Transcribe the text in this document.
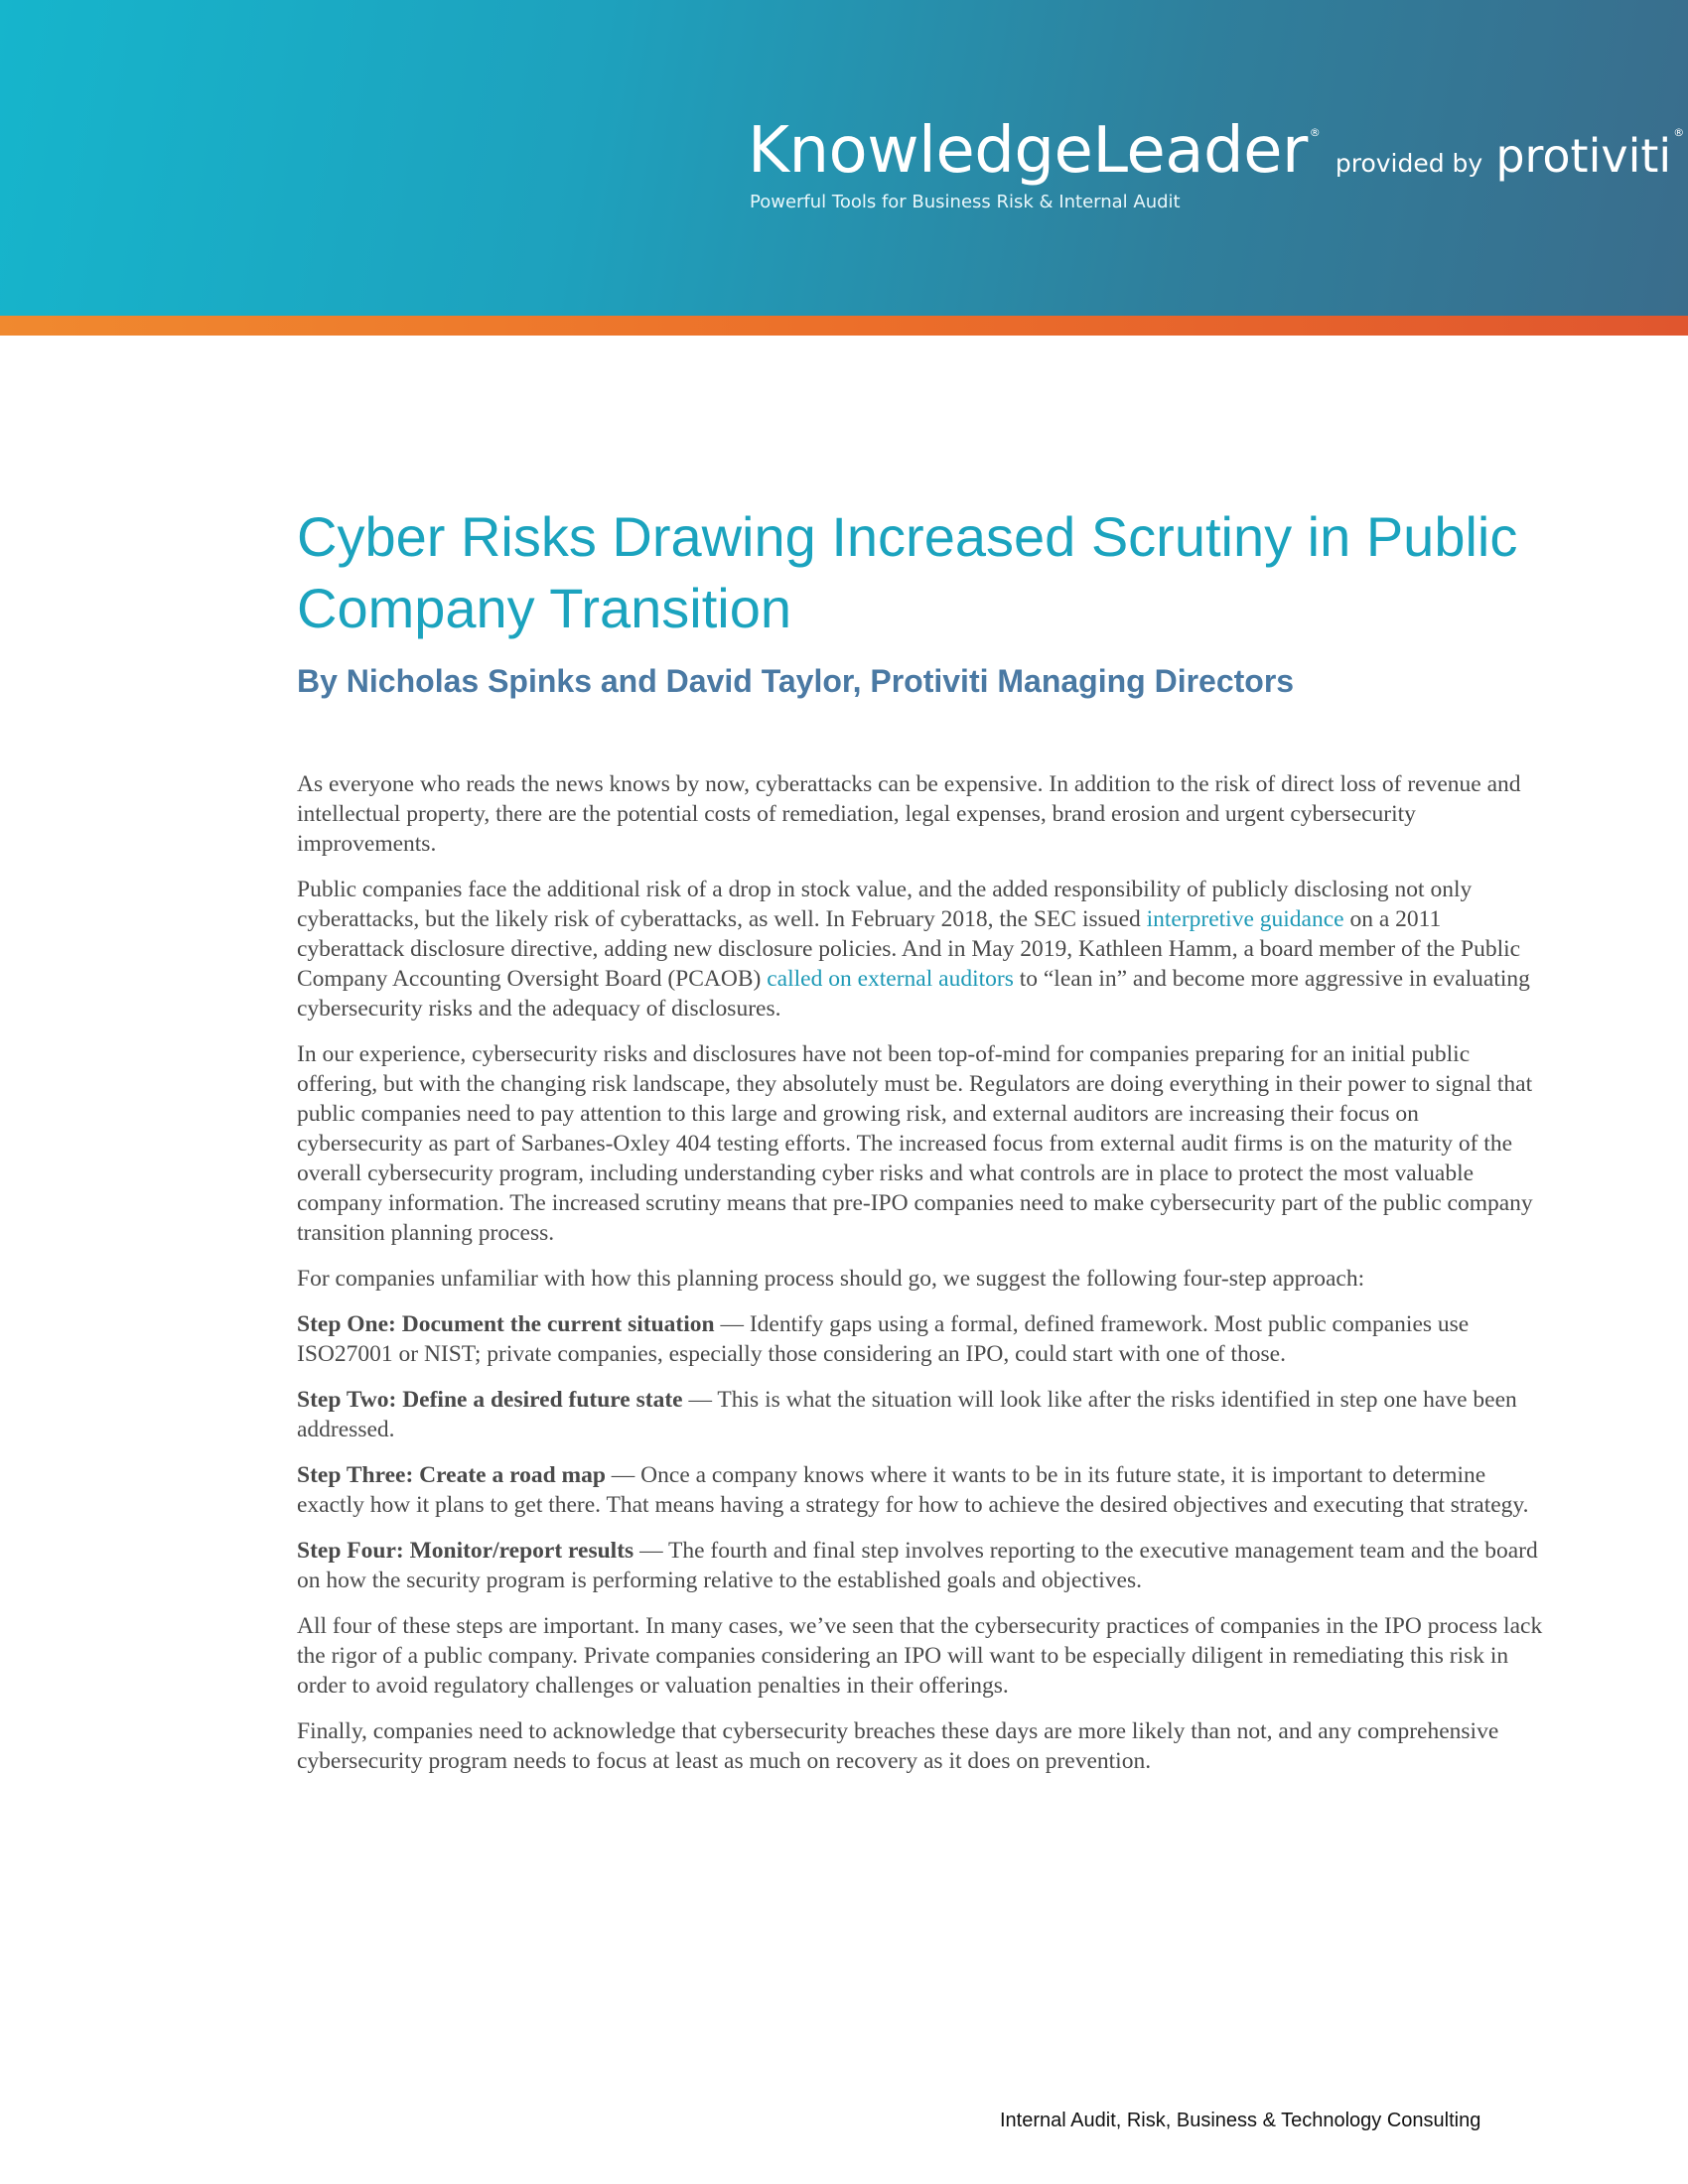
KnowledgeLeader ® provided by protiviti ®
Powerful Tools for Business Risk & Internal Audit
Cyber Risks Drawing Increased Scrutiny in Public Company Transition
By Nicholas Spinks and David Taylor, Protiviti Managing Directors

As everyone who reads the news knows by now, cyberattacks can be expensive. In addition to the risk of direct loss of revenue and intellectual property, there are the potential costs of remediation, legal expenses, brand erosion and urgent cybersecurity improvements.

Public companies face the additional risk of a drop in stock value, and the added responsibility of publicly disclosing not only cyberattacks, but the likely risk of cyberattacks, as well. In February 2018, the SEC issued interpretive guidance on a 2011 cyberattack disclosure directive, adding new disclosure policies. And in May 2019, Kathleen Hamm, a board member of the Public Company Accounting Oversight Board (PCAOB) called on external auditors to “lean in” and become more aggressive in evaluating cybersecurity risks and the adequacy of disclosures.

In our experience, cybersecurity risks and disclosures have not been top-of-mind for companies preparing for an initial public offering, but with the changing risk landscape, they absolutely must be. Regulators are doing everything in their power to signal that public companies need to pay attention to this large and growing risk, and external auditors are increasing their focus on cybersecurity as part of Sarbanes-Oxley 404 testing efforts. The increased focus from external audit firms is on the maturity of the overall cybersecurity program, including understanding cyber risks and what controls are in place to protect the most valuable company information. The increased scrutiny means that pre-IPO companies need to make cybersecurity part of the public company transition planning process.

For companies unfamiliar with how this planning process should go, we suggest the following four-step approach:

Step One: Document the current situation — Identify gaps using a formal, defined framework. Most public companies use ISO27001 or NIST; private companies, especially those considering an IPO, could start with one of those.

Step Two: Define a desired future state — This is what the situation will look like after the risks identified in step one have been addressed.

Step Three: Create a road map — Once a company knows where it wants to be in its future state, it is important to determine exactly how it plans to get there. That means having a strategy for how to achieve the desired objectives and executing that strategy.

Step Four: Monitor/report results — The fourth and final step involves reporting to the executive management team and the board on how the security program is performing relative to the established goals and objectives.

All four of these steps are important. In many cases, we’ve seen that the cybersecurity practices of companies in the IPO process lack the rigor of a public company. Private companies considering an IPO will want to be especially diligent in remediating this risk in order to avoid regulatory challenges or valuation penalties in their offerings.

Finally, companies need to acknowledge that cybersecurity breaches these days are more likely than not, and any comprehensive cybersecurity program needs to focus at least as much on recovery as it does on prevention.

Internal Audit, Risk, Business & Technology Consulting
